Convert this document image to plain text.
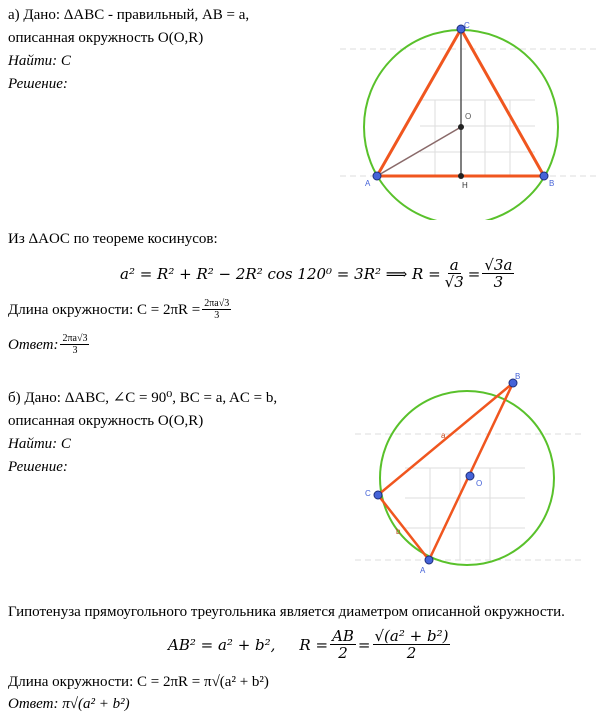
а) Дано: ΔABC - правильный, AB = a,
описанная окружность O(O,R)
Найти: C
Решение:
C
O
A	B
H
Из ΔAOC по теореме косинусов:
a² = R² + R² − 2R² cos 120⁰ = 3R² ⟹ $R = \frac{a}{√3} = \frac{√3a}{3}$
Длина окружности: $C = 2\pi R = \frac{2\pi a√3}{3}$
Ответ: $\frac{2\pi a√3}{3}$
б) Дано: ΔABC, ∠C = 90⁰, BC = a, AC = b,
описанная окружность O(O,R)
Найти: C
Решение:
B
C
A
O
a
b
Гипотенуза прямоугольного треугольника является диаметром описанной окружности.
AB² = a² + b², $R = \frac{AB}{2} = \frac{\text{√(a² + b²)}}{2}$
Длина окружности: C = 2πR = π√(a² + b²)
Ответ: π√(a² + b²)
